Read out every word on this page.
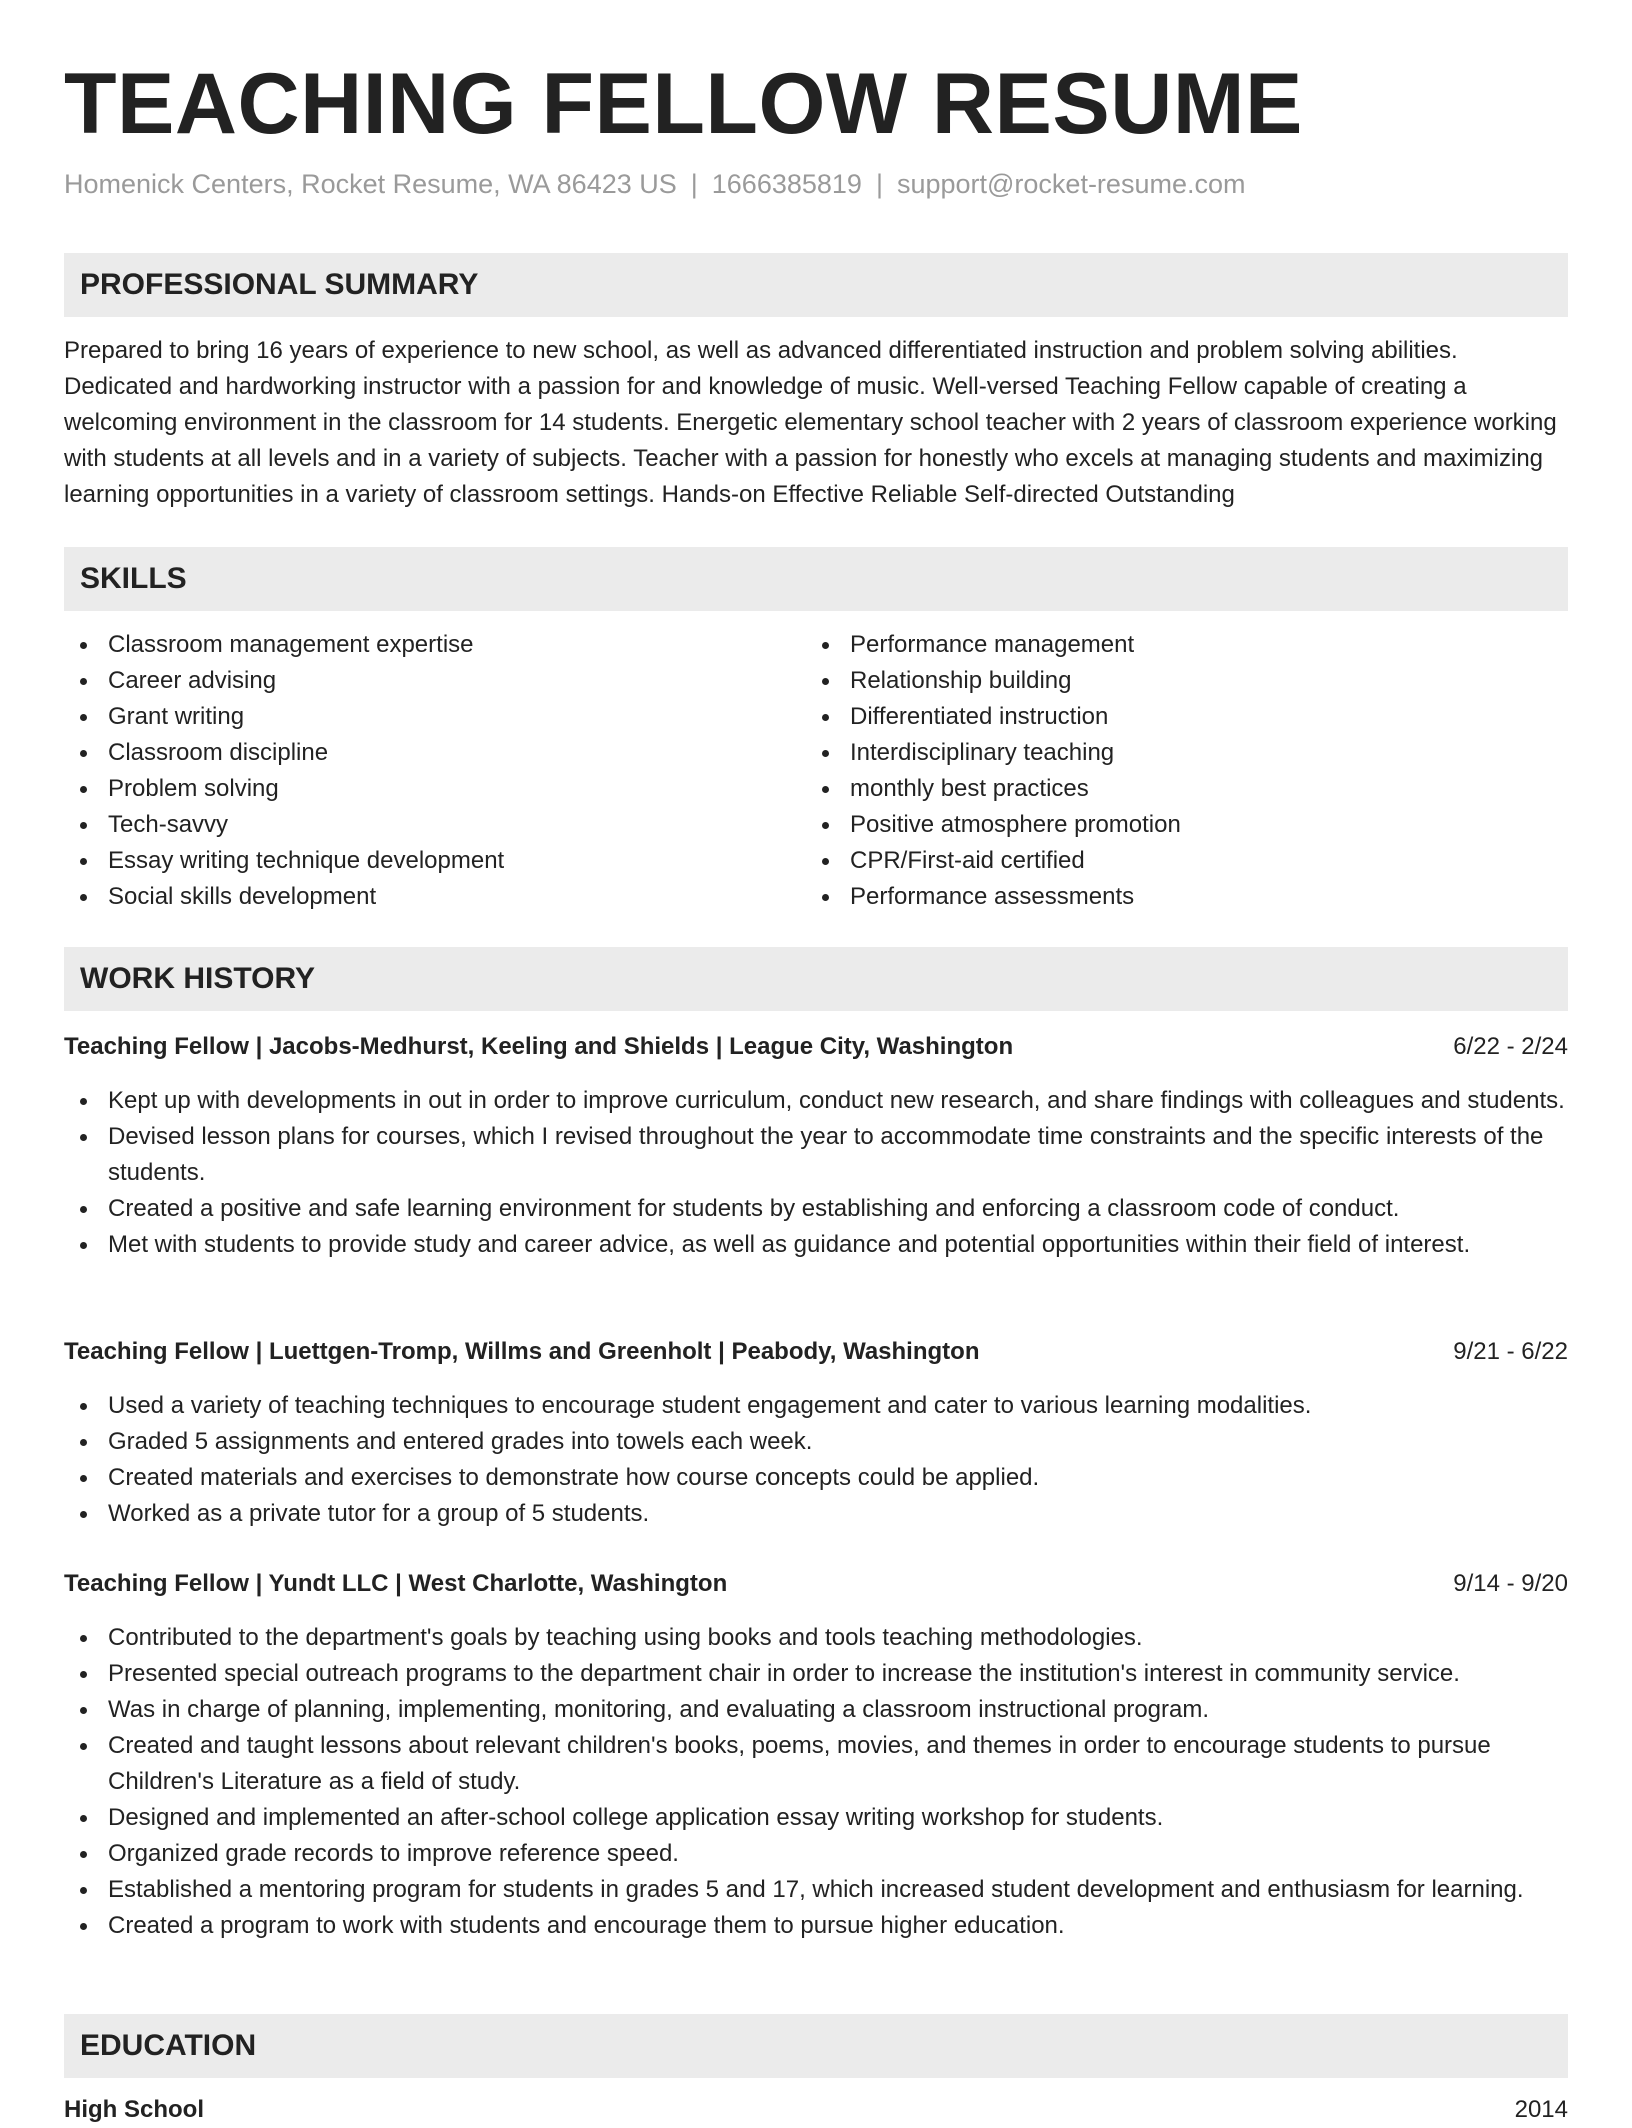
TEACHING FELLOW RESUME
Homenick Centers, Rocket Resume, WA 86423 US | 1666385819 | support@rocket-resume.com
PROFESSIONAL SUMMARY

Prepared to bring 16 years of experience to new school, as well as advanced differentiated instruction and problem solving abilities. Dedicated and hardworking instructor with a passion for and knowledge of music. Well-versed Teaching Fellow capable of creating a welcoming environment in the classroom for 14 students. Energetic elementary school teacher with 2 years of classroom experience working with students at all levels and in a variety of subjects. Teacher with a passion for honestly who excels at managing students and maximizing learning opportunities in a variety of classroom settings. Hands-on Effective Reliable Self-directed Outstanding

SKILLS
Classroom management expertise
Career advising
Grant writing
Classroom discipline
Problem solving
Tech-savvy
Essay writing technique development
Social skills development
Performance management
Relationship building
Differentiated instruction
Interdisciplinary teaching
monthly best practices
Positive atmosphere promotion
CPR/First-aid certified
Performance assessments
WORK HISTORY
Teaching Fellow | Jacobs-Medhurst, Keeling and Shields | League City, Washington	6/22 - 2/24
Kept up with developments in out in order to improve curriculum, conduct new research, and share findings with colleagues and students.
Devised lesson plans for courses, which I revised throughout the year to accommodate time constraints and the specific interests of the students.
Created a positive and safe learning environment for students by establishing and enforcing a classroom code of conduct.
Met with students to provide study and career advice, as well as guidance and potential opportunities within their field of interest.
Teaching Fellow | Luettgen-Tromp, Willms and Greenholt | Peabody, Washington	9/21 - 6/22
Used a variety of teaching techniques to encourage student engagement and cater to various learning modalities.
Graded 5 assignments and entered grades into towels each week.
Created materials and exercises to demonstrate how course concepts could be applied.
Worked as a private tutor for a group of 5 students.
Teaching Fellow | Yundt LLC | West Charlotte, Washington	9/14 - 9/20
Contributed to the department's goals by teaching using books and tools teaching methodologies.
Presented special outreach programs to the department chair in order to increase the institution's interest in community service.
Was in charge of planning, implementing, monitoring, and evaluating a classroom instructional program.
Created and taught lessons about relevant children's books, poems, movies, and themes in order to encourage students to pursue Children's Literature as a field of study.
Designed and implemented an after-school college application essay writing workshop for students.
Organized grade records to improve reference speed.
Established a mentoring program for students in grades 5 and 17, which increased student development and enthusiasm for learning.
Created a program to work with students and encourage them to pursue higher education.
EDUCATION
High School	2014
